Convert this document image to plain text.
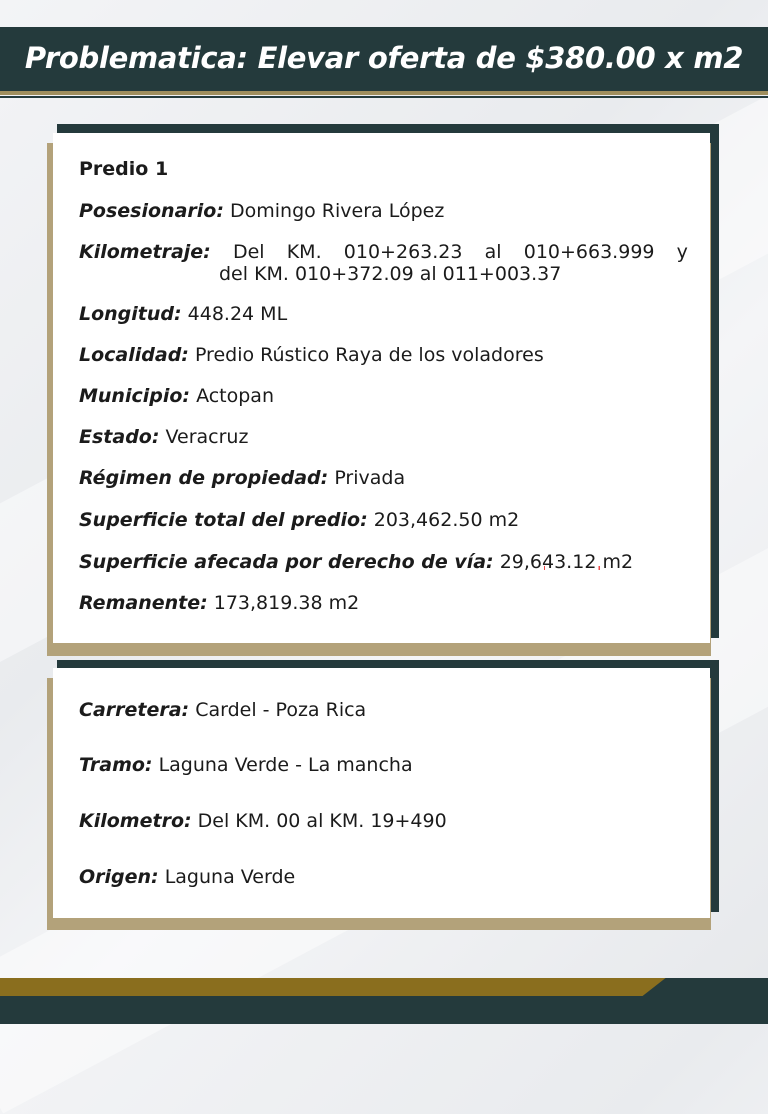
Problematica: Elevar oferta de $380.00 x m2
Predio 1
Posesionario: Domingo Rivera López
Kilometraje: Del KM. 010+263.23 al 010+663.999 y
del KM. 010+372.09 al 011+003.37
Longitud: 448.24 ML
Localidad: Predio Rústico Raya de los voladores
Municipio: Actopan
Estado: Veracruz
Régimen de propiedad: Privada
Superficie total del predio: 203,462.50 m2
Superficie afecada por derecho de vía: 29,643.12 m2
Remanente: 173,819.38 m2
Carretera: Cardel - Poza Rica
Tramo: Laguna Verde - La mancha
Kilometro: Del KM. 00 al KM. 19+490
Origen: Laguna Verde
